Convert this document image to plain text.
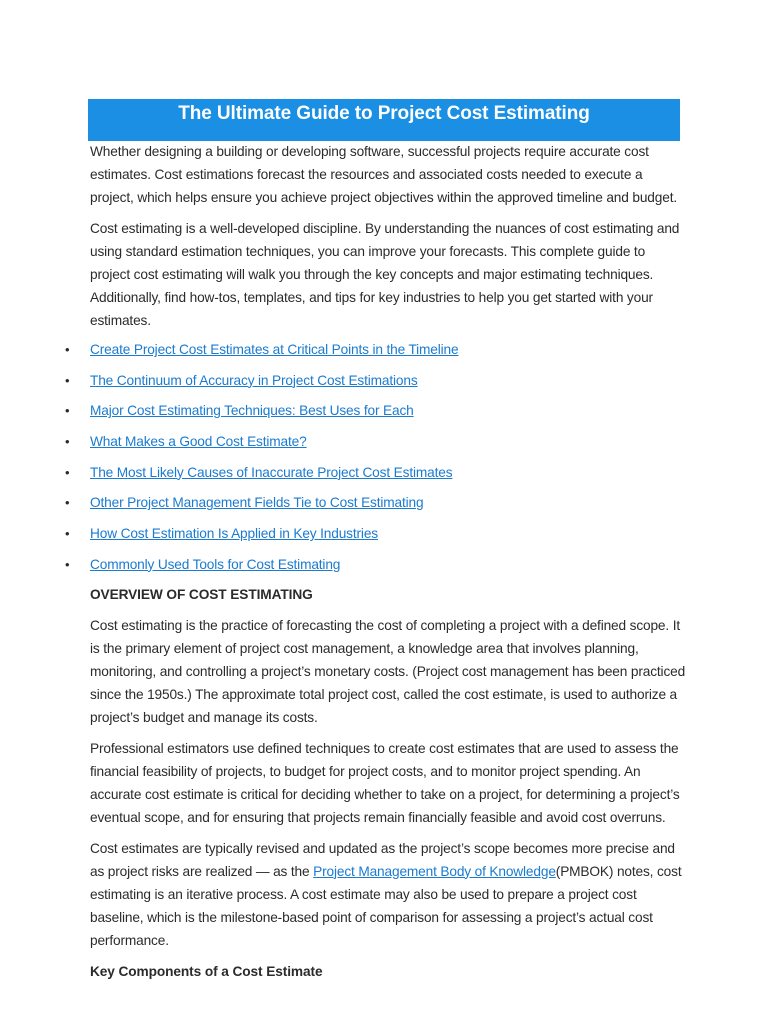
The Ultimate Guide to Project Cost Estimating

Whether designing a building or developing software, successful projects require accurate cost estimates. Cost estimations forecast the resources and associated costs needed to execute a project, which helps ensure you achieve project objectives within the approved timeline and budget.

Cost estimating is a well-developed discipline. By understanding the nuances of cost estimating and using standard estimation techniques, you can improve your forecasts. This complete guide to project cost estimating will walk you through the key concepts and major estimating techniques. Additionally, find how-tos, templates, and tips for key industries to help you get started with your estimates.

• Create Project Cost Estimates at Critical Points in the Timeline
• The Continuum of Accuracy in Project Cost Estimations
• Major Cost Estimating Techniques: Best Uses for Each
• What Makes a Good Cost Estimate?
• The Most Likely Causes of Inaccurate Project Cost Estimates
• Other Project Management Fields Tie to Cost Estimating
• How Cost Estimation Is Applied in Key Industries
• Commonly Used Tools for Cost Estimating
OVERVIEW OF COST ESTIMATING

Cost estimating is the practice of forecasting the cost of completing a project with a defined scope. It is the primary element of project cost management, a knowledge area that involves planning, monitoring, and controlling a project’s monetary costs. (Project cost management has been practiced since the 1950s.) The approximate total project cost, called the cost estimate, is used to authorize a project’s budget and manage its costs.

Professional estimators use defined techniques to create cost estimates that are used to assess the financial feasibility of projects, to budget for project costs, and to monitor project spending. An accurate cost estimate is critical for deciding whether to take on a project, for determining a project’s eventual scope, and for ensuring that projects remain financially feasible and avoid cost overruns.

Cost estimates are typically revised and updated as the project’s scope becomes more precise and as project risks are realized — as the Project Management Body of Knowledge(PMBOK) notes, cost estimating is an iterative process. A cost estimate may also be used to prepare a project cost baseline, which is the milestone-based point of comparison for assessing a project’s actual cost performance.

Key Components of a Cost Estimate
